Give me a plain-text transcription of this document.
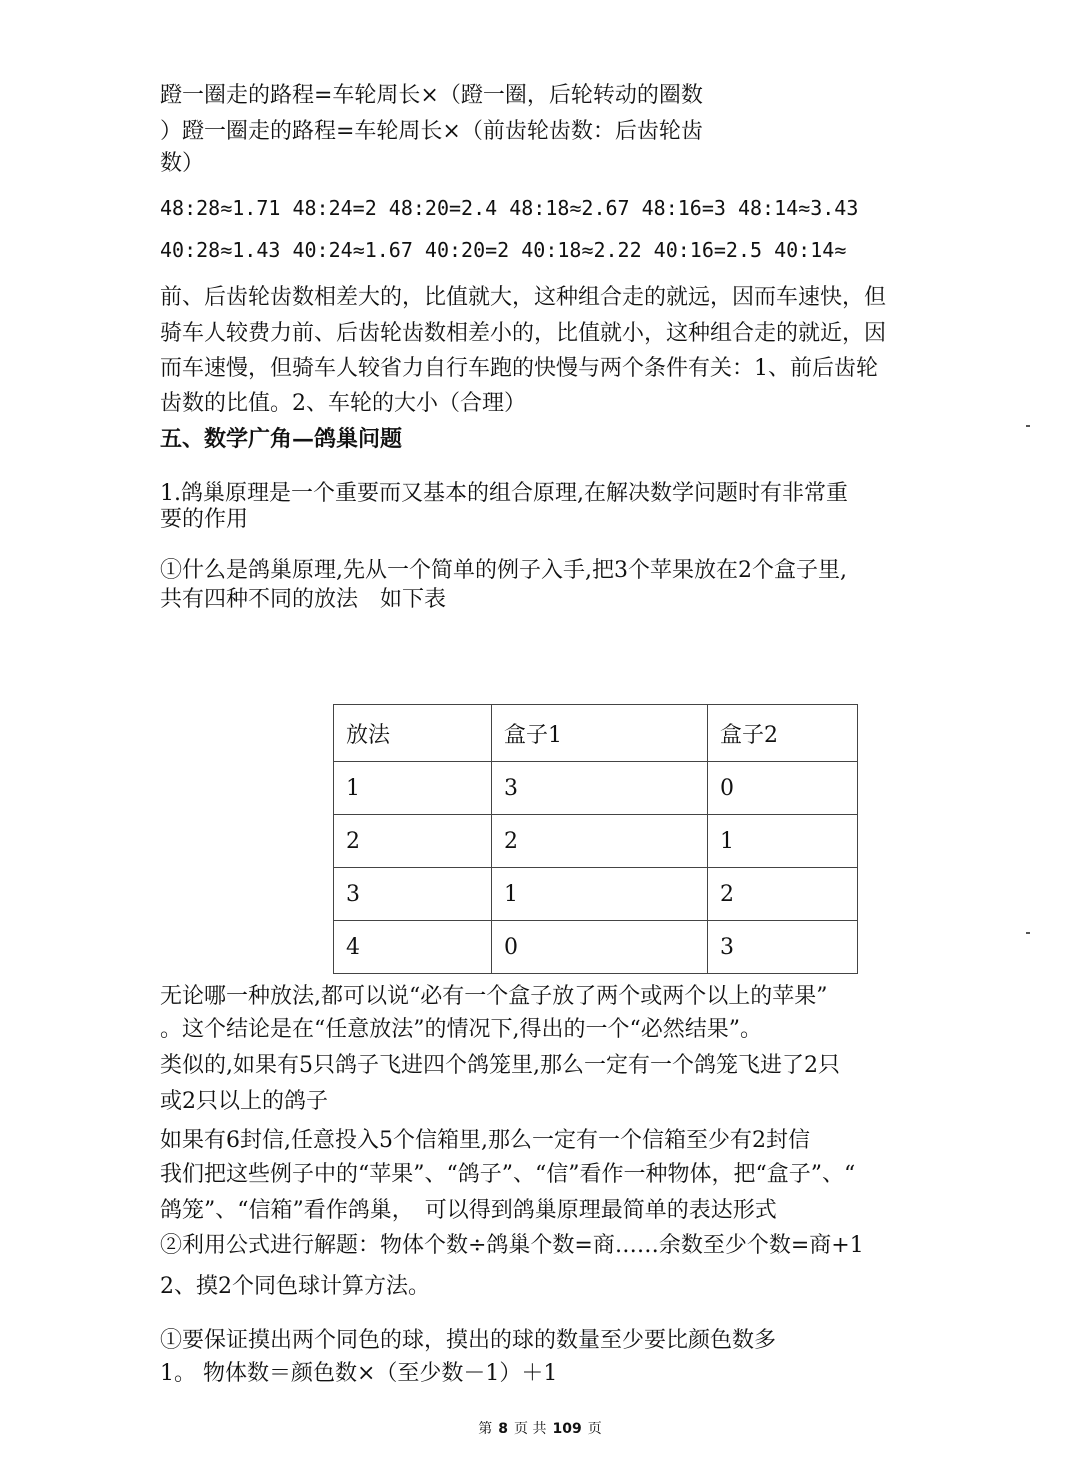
蹬一圈走的路程=车轮周长×（蹬一圈，后轮转动的圈数
）蹬一圈走的路程=车轮周长×（前齿轮齿数：后齿轮齿
数）
48:28≈1.71 48:24=2 48:20=2.4 48:18≈2.67 48:16=3 48:14≈3.43
40:28≈1.43 40:24≈1.67 40:20=2 40:18≈2.22 40:16=2.5 40:14≈
前、后齿轮齿数相差大的，比值就大，这种组合走的就远，因而车速快，但
骑车人较费力前、后齿轮齿数相差小的，比值就小，这种组合走的就近，因
而车速慢，但骑车人较省力自行车跑的快慢与两个条件有关：1、前后齿轮
齿数的比值。2、车轮的大小（合理）
五、数学广角—鸽巢问题
1.鸽巢原理是一个重要而又基本的组合原理,在解决数学问题时有非常重
要的作用
①什么是鸽巢原理,先从一个简单的例子入手,把3个苹果放在2个盒子里,
共有四种不同的放法　如下表
放法	盒子1	盒子2
1	3	0
2	2	1
3	1	2
4	0	3
无论哪一种放法,都可以说“必有一个盒子放了两个或两个以上的苹果”
。这个结论是在“任意放法”的情况下,得出的一个“必然结果”。
类似的,如果有5只鸽子飞进四个鸽笼里,那么一定有一个鸽笼飞进了2只
或2只以上的鸽子
如果有6封信,任意投入5个信箱里,那么一定有一个信箱至少有2封信
我们把这些例子中的“苹果”、“鸽子”、“信”看作一种物体，把“盒子”、“
鸽笼”、“信箱”看作鸽巢，　可以得到鸽巢原理最简单的表达形式
②利用公式进行解题：物体个数÷鸽巢个数=商……余数至少个数=商+1
2、摸2个同色球计算方法。
①要保证摸出两个同色的球，摸出的球的数量至少要比颜色数多
1。 物体数＝颜色数×（至少数－1）＋1
第 8 页 共 109 页
